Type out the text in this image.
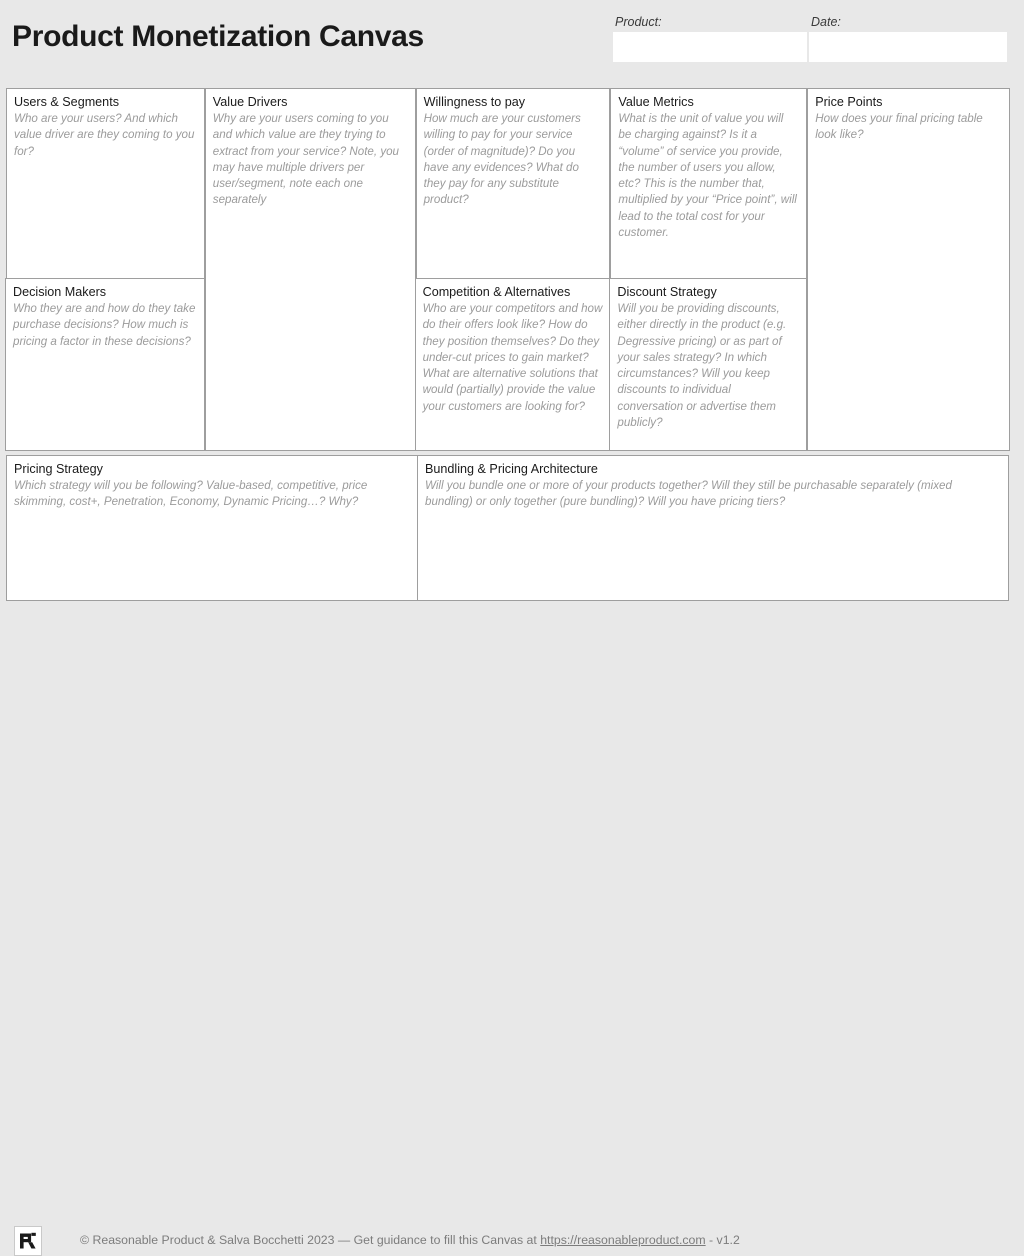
Product Monetization Canvas	Product:	Date:
Users & Segments
Who are your users? And which value driver are they coming to you for?
Decision Makers
Who they are and how do they take purchase decisions? How much is pricing a factor in these decisions?
Value Drivers
Why are your users coming to you and which value are they trying to extract from your service? Note, you may have multiple drivers per user/segment, note each one separately
Willingness to pay
How much are your customers willing to pay for your service (order of magnitude)? Do you have any evidences? What do they pay for any substitute product?
Competition & Alternatives
Who are your competitors and how do their offers look like? How do they position themselves? Do they under-cut prices to gain market? What are alternative solutions that would (partially) provide the value your customers are looking for?
Value Metrics
What is the unit of value you will be charging against? Is it a “volume” of service you provide, the number of users you allow, etc? This is the number that, multiplied by your “Price point”, will lead to the total cost for your customer.
Discount Strategy
Will you be providing discounts, either directly in the product (e.g. Degressive pricing) or as part of your sales strategy? In which circumstances? Will you keep discounts to individual conversation or advertise them publicly?
Price Points
How does your final pricing table look like?
Pricing Strategy
Which strategy will you be following? Value-based, competitive, price skimming, cost+, Penetration, Economy, Dynamic Pricing…? Why?
Bundling & Pricing Architecture
Will you bundle one or more of your products together? Will they still be purchasable separately (mixed bundling) or only together (pure bundling)? Will you have pricing tiers?
© Reasonable Product & Salva Bocchetti 2023 — Get guidance to fill this Canvas at https://reasonableproduct.com - v1.2
